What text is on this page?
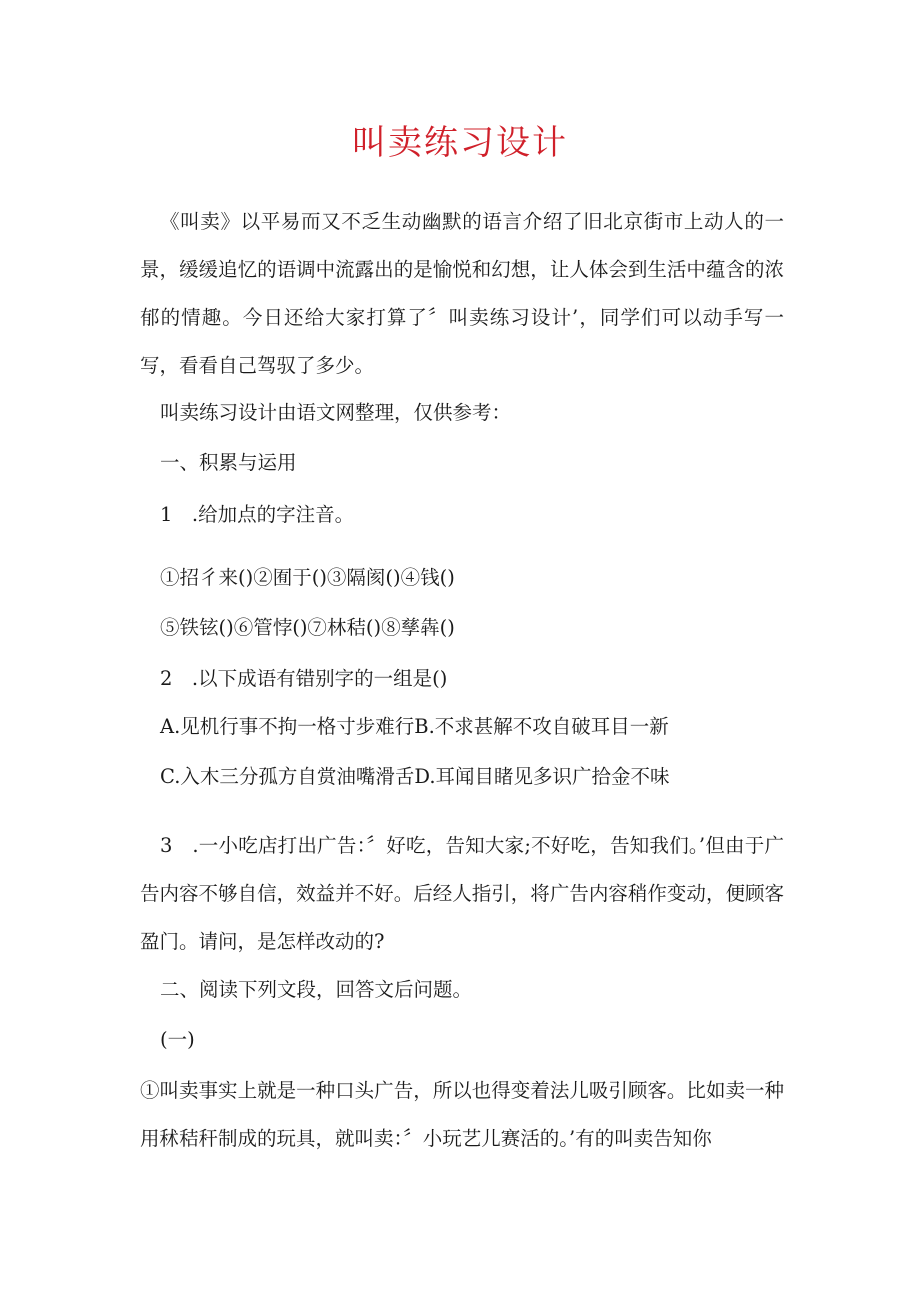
叫卖练习设计

《叫卖》以平易而又不乏生动幽默的语言介绍了旧北京街市上动人的一景，缓缓追忆的语调中流露出的是愉悦和幻想，让人体会到生活中蕴含的浓郁的情趣。今日还给大家打算了〞叫卖练习设计’，同学们可以动手写一写，看看自己驾驭了多少。

叫卖练习设计由语文网整理，仅供参考：

一、积累与运用

1　.给加点的字注音。

①招彳来()②囿于()③隔阂()④钱()

⑤铁铉()⑥管悖()⑦林秸()⑧孳犇()

2　.以下成语有错别字的一组是()

A.见机行事不拘一格寸步难行B.不求甚解不攻自破耳目一新

C.入木三分孤方自赏油嘴滑舌D.耳闻目睹见多识广拾金不味

3　.一小吃店打出广告：〞好吃，告知大家;不好吃，告知我们。’但由于广告内容不够自信，效益并不好。后经人指引，将广告内容稍作变动，便顾客盈门。请问，是怎样改动的?

二、阅读下列文段，回答文后问题。

(一)

①叫卖事实上就是一种口头广告，所以也得变着法儿吸引顾客。比如卖一种用秫秸秆制成的玩具，就叫卖：〞小玩艺儿赛活的。’有的叫卖告知你
